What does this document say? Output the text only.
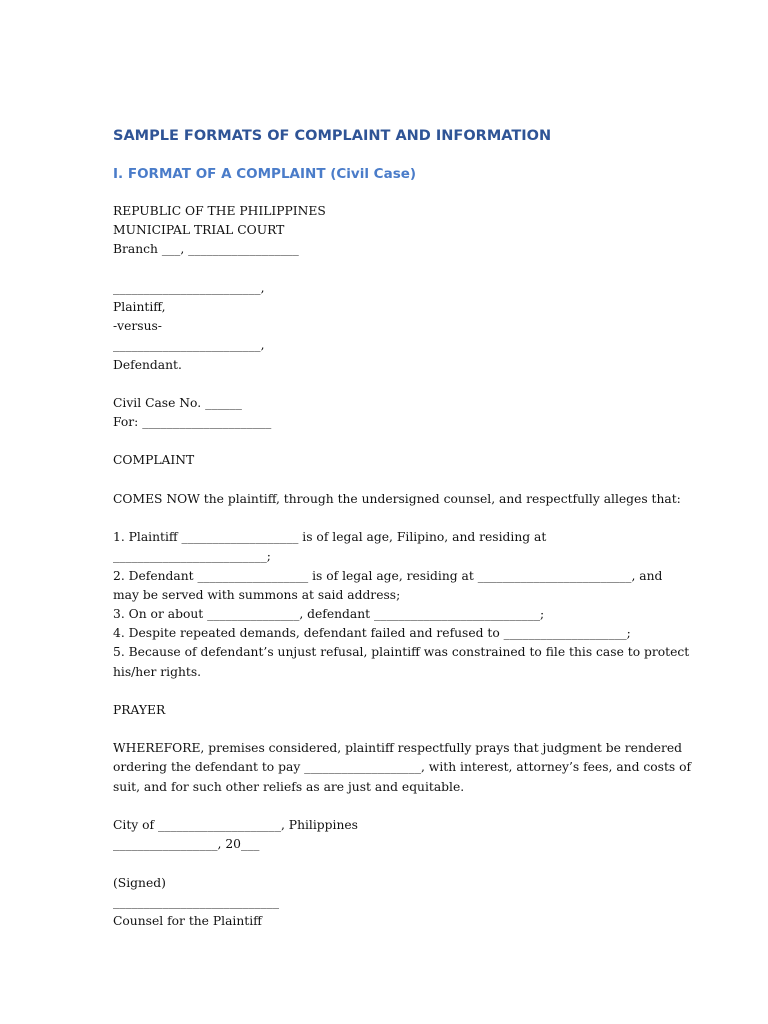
SAMPLE FORMATS OF COMPLAINT AND INFORMATION
I. FORMAT OF A COMPLAINT (Civil Case)
REPUBLIC OF THE PHILIPPINES
MUNICIPAL TRIAL COURT
Branch ___, __________________
________________________,
Plaintiff,
-versus-
________________________,
Defendant.
Civil Case No. ______
For: _____________________
COMPLAINT
COMES NOW the plaintiff, through the undersigned counsel, and respectfully alleges that:
1. Plaintiff ___________________ is of legal age, Filipino, and residing at
_________________________;
2. Defendant __________________ is of legal age, residing at _________________________, and
may be served with summons at said address;
3. On or about _______________, defendant ___________________________;
4. Despite repeated demands, defendant failed and refused to ____________________;
5. Because of defendant’s unjust refusal, plaintiff was constrained to file this case to protect
his/her rights.
PRAYER
WHEREFORE, premises considered, plaintiff respectfully prays that judgment be rendered
ordering the defendant to pay ___________________, with interest, attorney’s fees, and costs of
suit, and for such other reliefs as are just and equitable.
City of ____________________, Philippines
_________________, 20___
(Signed)
___________________________
Counsel for the Plaintiff
